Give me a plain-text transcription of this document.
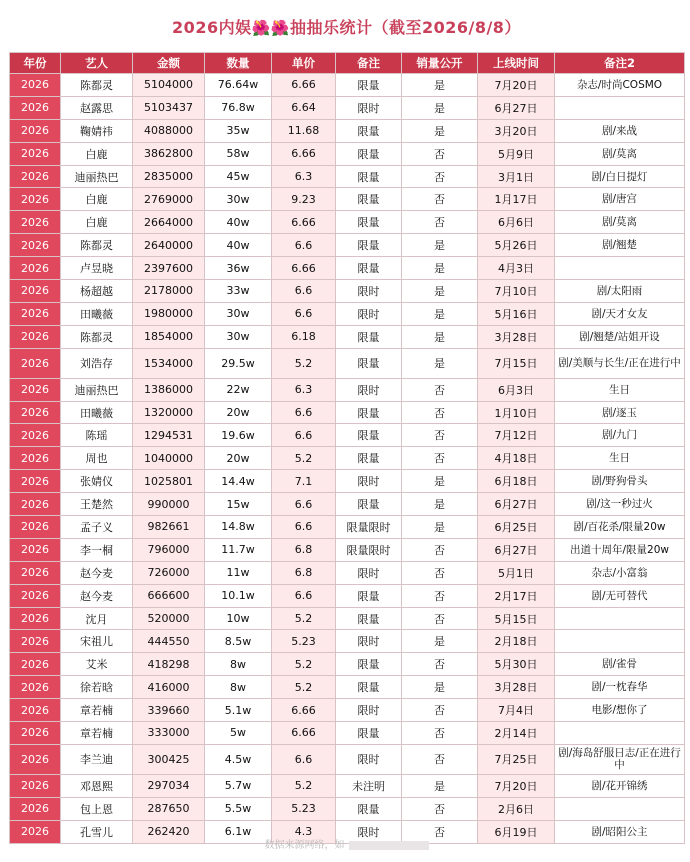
2026内娱🌺🌺抽抽乐统计（截至2026/8/8）
年份	艺人	金额	数量	单价	备注	销量公开	上线时间	备注2
2026	陈都灵	5104000	76.64w	6.66	限量	是	7月20日	杂志/时尚COSMO
2026	赵露思	5103437	76.8w	6.64	限时	是	6月27日	
2026	鞠婧祎	4088000	35w	11.68	限量	是	3月20日	剧/来战
2026	白鹿	3862800	58w	6.66	限量	否	5月9日	剧/莫离
2026	迪丽热巴	2835000	45w	6.3	限量	否	3月1日	剧/白日提灯
2026	白鹿	2769000	30w	9.23	限量	否	1月17日	剧/唐宫
2026	白鹿	2664000	40w	6.66	限量	否	6月6日	剧/莫离
2026	陈都灵	2640000	40w	6.6	限量	是	5月26日	剧/翘楚
2026	卢昱晓	2397600	36w	6.66	限量	是	4月3日	
2026	杨超越	2178000	33w	6.6	限时	是	7月10日	剧/太阳雨
2026	田曦薇	1980000	30w	6.6	限时	是	5月16日	剧/天才女友
2026	陈都灵	1854000	30w	6.18	限量	是	3月28日	剧/翘楚/站姐开设
2026	刘浩存	1534000	29.5w	5.2	限量	是	7月15日	剧/美顺与长生/正在进行中
2026	迪丽热巴	1386000	22w	6.3	限时	否	6月3日	生日
2026	田曦薇	1320000	20w	6.6	限量	否	1月10日	剧/逐玉
2026	陈瑶	1294531	19.6w	6.6	限量	否	7月12日	剧/九门
2026	周也	1040000	20w	5.2	限量	否	4月18日	生日
2026	张婧仪	1025801	14.4w	7.1	限时	是	6月18日	剧/野狗骨头
2026	王楚然	990000	15w	6.6	限量	是	6月27日	剧/这一秒过火
2026	孟子义	982661	14.8w	6.6	限量限时	是	6月25日	剧/百花杀/限量20w
2026	李一桐	796000	11.7w	6.8	限量限时	否	6月27日	出道十周年/限量20w
2026	赵今麦	726000	11w	6.8	限时	否	5月1日	杂志/小富翁
2026	赵今麦	666600	10.1w	6.6	限量	否	2月17日	剧/无可替代
2026	沈月	520000	10w	5.2	限量	否	5月15日	
2026	宋祖儿	444550	8.5w	5.23	限时	是	2月18日	
2026	艾米	418298	8w	5.2	限量	否	5月30日	剧/雀骨
2026	徐若晗	416000	8w	5.2	限量	是	3月28日	剧/一枕春华
2026	章若楠	339660	5.1w	6.66	限时	否	7月4日	电影/想你了
2026	章若楠	333000	5w	6.66	限量	否	2月14日	
2026	李兰迪	300425	4.5w	6.6	限时	否	7月25日	剧/海岛舒服日志/正在进行中
2026	邓恩熙	297034	5.7w	5.2	未注明	是	7月20日	剧/花开锦绣
2026	包上恩	287650	5.5w	5.23	限量	否	2月6日	
2026	孔雪儿	262420	6.1w	4.3	限时	否	6月19日	剧/昭阳公主
数据来源网络，如
